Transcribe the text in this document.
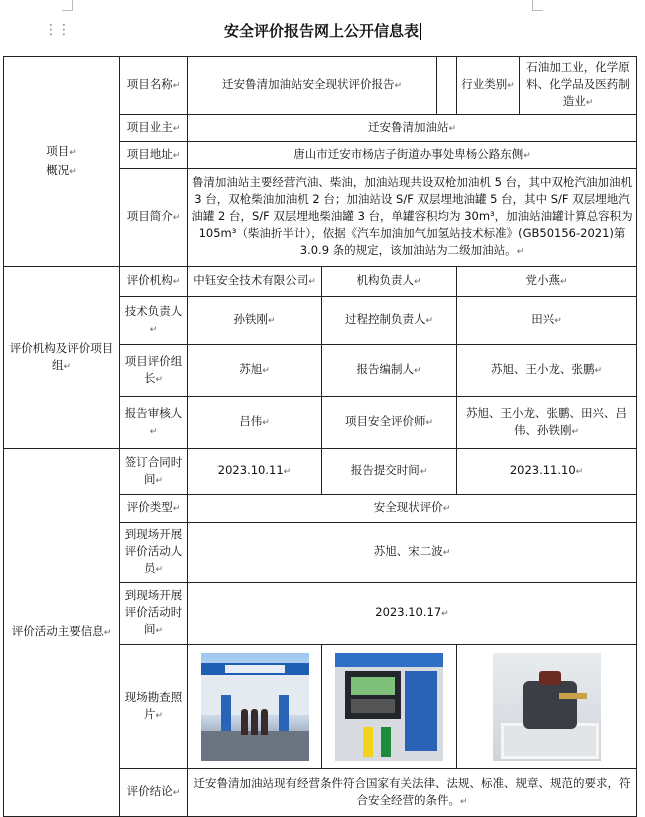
⋮⋮	安全评价报告网上公开信息表
项目↵
概况↵	项目名称↵	迁安鲁清加油站安全现状评价报告↵			行业类别↵	石油加工业，化学原料、化学品及医药制造业↵

项目业主↵	迁安鲁清加油站↵
项目地址↵	唐山市迁安市杨店子街道办事处卑杨公路东侧↵
项目简介↵	鲁清加油站主要经营汽油、柴油，加油站现共设双枪加油机 5 台，其中双枪汽油加油机 3 台，双枪柴油加油机 2 台；加油站设 S/F 双层埋地油罐 5 台，其中 S/F 双层埋地汽油罐 2 台，S/F 双层埋地柴油罐 3 台，单罐容积均为 30m³，加油站油罐计算总容积为 105m³（柴油折半计），依据《汽车加油加气加氢站技术标准》(GB50156-2021)第 3.0.9 条的规定，该加油站为二级加油站。↵
评价机构及评价项目组↵	评价机构↵	中钰安全技术有限公司↵	机构负责人↵	党小燕↵
技术负责人↵	孙铁刚↵	过程控制负责人↵	田兴↵
项目评价组长↵	苏旭↵	报告编制人↵	苏旭、王小龙、张鹏↵
报告审核人↵	吕伟↵	项目安全评价师↵	苏旭、王小龙、张鹏、田兴、吕伟、孙铁刚↵
评价活动主要信息↵	签订合同时间↵	2023.10.11↵	报告提交时间↵	2023.11.10↵
评价类型↵	安全现状评价↵
到现场开展评价活动人员↵	苏旭、宋二波↵
到现场开展评价活动时间↵	2023.10.17↵
现场勘查照片↵	

评价结论↵	迁安鲁清加油站现有经营条件符合国家有关法律、法规、标准、规章、规范的要求，符合安全经营的条件。↵
